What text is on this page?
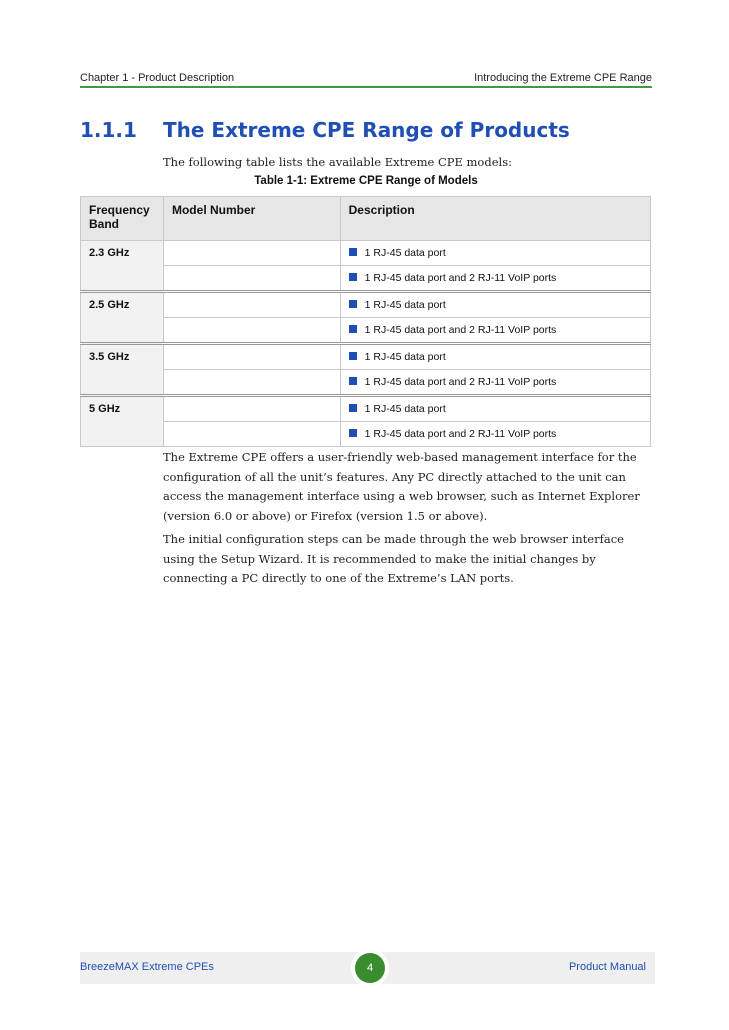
Chapter 1 - Product Description	Introducing the Extreme CPE Range
1.1.1 The Extreme CPE Range of Products
The following table lists the available Extreme CPE models:
Table 1-1: Extreme CPE Range of Models
Frequency Band	Model Number	Description
2.3 GHz		1 RJ-45 data port
		1 RJ-45 data port and 2 RJ-11 VoIP ports
2.5 GHz		1 RJ-45 data port
		1 RJ-45 data port and 2 RJ-11 VoIP ports
3.5 GHz		1 RJ-45 data port
		1 RJ-45 data port and 2 RJ-11 VoIP ports
5 GHz		1 RJ-45 data port
		1 RJ-45 data port and 2 RJ-11 VoIP ports

The Extreme CPE offers a user-friendly web-based management interface for the configuration of all the unit’s features. Any PC directly attached to the unit can access the management interface using a web browser, such as Internet Explorer (version 6.0 or above) or Firefox (version 1.5 or above).

The initial configuration steps can be made through the web browser interface using the Setup Wizard. It is recommended to make the initial changes by connecting a PC directly to one of the Extreme’s LAN ports.

BreezeMAX Extreme CPEs	4	Product Manual
